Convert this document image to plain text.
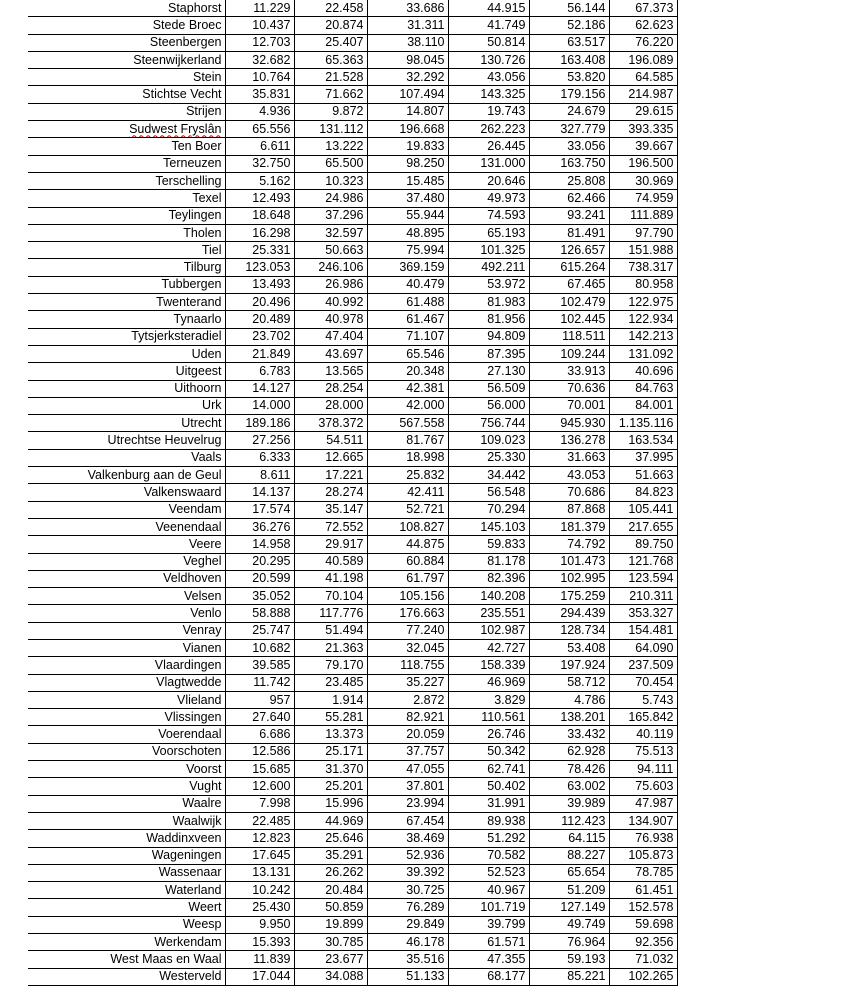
	Staphorst	11.229	22.458	33.686	44.915	56.144	67.373
	Stede Broec	10.437	20.874	31.311	41.749	52.186	62.623
	Steenbergen	12.703	25.407	38.110	50.814	63.517	76.220
	Steenwijkerland	32.682	65.363	98.045	130.726	163.408	196.089
	Stein	10.764	21.528	32.292	43.056	53.820	64.585
	Stichtse Vecht	35.831	71.662	107.494	143.325	179.156	214.987
	Strijen	4.936	9.872	14.807	19.743	24.679	29.615
	Sudwest Fryslân	65.556	131.112	196.668	262.223	327.779	393.335
	Ten Boer	6.611	13.222	19.833	26.445	33.056	39.667
	Terneuzen	32.750	65.500	98.250	131.000	163.750	196.500
	Terschelling	5.162	10.323	15.485	20.646	25.808	30.969
	Texel	12.493	24.986	37.480	49.973	62.466	74.959
	Teylingen	18.648	37.296	55.944	74.593	93.241	111.889
	Tholen	16.298	32.597	48.895	65.193	81.491	97.790
	Tiel	25.331	50.663	75.994	101.325	126.657	151.988
	Tilburg	123.053	246.106	369.159	492.211	615.264	738.317
	Tubbergen	13.493	26.986	40.479	53.972	67.465	80.958
	Twenterand	20.496	40.992	61.488	81.983	102.479	122.975
	Tynaarlo	20.489	40.978	61.467	81.956	102.445	122.934
	Tytsjerksteradiel	23.702	47.404	71.107	94.809	118.511	142.213
	Uden	21.849	43.697	65.546	87.395	109.244	131.092
	Uitgeest	6.783	13.565	20.348	27.130	33.913	40.696
	Uithoorn	14.127	28.254	42.381	56.509	70.636	84.763
	Urk	14.000	28.000	42.000	56.000	70.001	84.001
	Utrecht	189.186	378.372	567.558	756.744	945.930	1.135.116
	Utrechtse Heuvelrug	27.256	54.511	81.767	109.023	136.278	163.534
	Vaals	6.333	12.665	18.998	25.330	31.663	37.995
	Valkenburg aan de Geul	8.611	17.221	25.832	34.442	43.053	51.663
	Valkenswaard	14.137	28.274	42.411	56.548	70.686	84.823
	Veendam	17.574	35.147	52.721	70.294	87.868	105.441
	Veenendaal	36.276	72.552	108.827	145.103	181.379	217.655
	Veere	14.958	29.917	44.875	59.833	74.792	89.750
	Veghel	20.295	40.589	60.884	81.178	101.473	121.768
	Veldhoven	20.599	41.198	61.797	82.396	102.995	123.594
	Velsen	35.052	70.104	105.156	140.208	175.259	210.311
	Venlo	58.888	117.776	176.663	235.551	294.439	353.327
	Venray	25.747	51.494	77.240	102.987	128.734	154.481
	Vianen	10.682	21.363	32.045	42.727	53.408	64.090
	Vlaardingen	39.585	79.170	118.755	158.339	197.924	237.509
	Vlagtwedde	11.742	23.485	35.227	46.969	58.712	70.454
	Vlieland	957	1.914	2.872	3.829	4.786	5.743
	Vlissingen	27.640	55.281	82.921	110.561	138.201	165.842
	Voerendaal	6.686	13.373	20.059	26.746	33.432	40.119
	Voorschoten	12.586	25.171	37.757	50.342	62.928	75.513
	Voorst	15.685	31.370	47.055	62.741	78.426	94.111
	Vught	12.600	25.201	37.801	50.402	63.002	75.603
	Waalre	7.998	15.996	23.994	31.991	39.989	47.987
	Waalwijk	22.485	44.969	67.454	89.938	112.423	134.907
	Waddinxveen	12.823	25.646	38.469	51.292	64.115	76.938
	Wageningen	17.645	35.291	52.936	70.582	88.227	105.873
	Wassenaar	13.131	26.262	39.392	52.523	65.654	78.785
	Waterland	10.242	20.484	30.725	40.967	51.209	61.451
	Weert	25.430	50.859	76.289	101.719	127.149	152.578
	Weesp	9.950	19.899	29.849	39.799	49.749	59.698
	Werkendam	15.393	30.785	46.178	61.571	76.964	92.356
	West Maas en Waal	11.839	23.677	35.516	47.355	59.193	71.032
	Westerveld	17.044	34.088	51.133	68.177	85.221	102.265
